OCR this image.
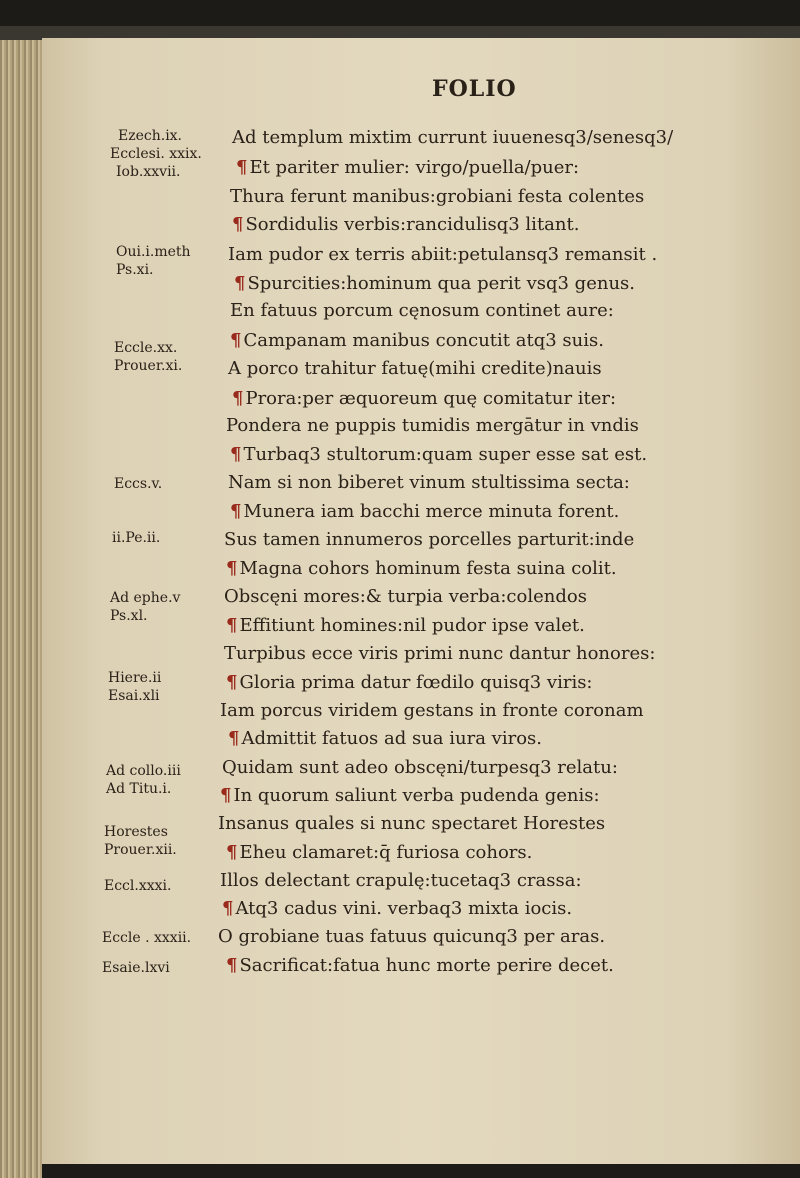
FOLIO
Ezech.ix.
Ecclesi. xxix.
Iob.xxvii.
Oui.i.meth
Ps.xi.
Eccle.xx.
Prouer.xi.
Eccs.v.
ii.Pe.ii.
Ad ephe.v
Ps.xl.
Hiere.ii
Esai.xli
Ad collo.iii
Ad Titu.i.
Horestes
Prouer.xii.
Eccl.xxxi.
Eccle . xxxii.
Esaie.lxvi
Ad templum mixtim currunt iuuenesq3/senesq3/
¶ Et pariter mulier: virgo/puella/puer:
Thura ferunt manibus:grobiani festa colentes
¶ Sordidulis verbis:rancidulisq3 litant.
Iam pudor ex terris abiit:petulansq3 remansit .
¶ Spurcities:hominum qua perit vsq3 genus.
En fatuus porcum cęnosum continet aure:
¶ Campanam manibus concutit atq3 suis.
A porco trahitur fatuę(mihi credite)nauis
¶ Prora:per æquoreum quę comitatur iter:
Pondera ne puppis tumidis mergātur in vndis
¶ Turbaq3 stultorum:quam super esse sat est.
Nam si non biberet vinum stultissima secta:
¶ Munera iam bacchi merce minuta forent.
Sus tamen innumeros porcelles parturit:inde
¶ Magna cohors hominum festa suina colit.
Obscęni mores:& turpia verba:colendos
¶ Effitiunt homines:nil pudor ipse valet.
Turpibus ecce viris primi nunc dantur honores:
¶ Gloria prima datur fœdilo quisq3 viris:
Iam porcus viridem gestans in fronte coronam
¶ Admittit fatuos ad sua iura viros.
Quidam sunt adeo obscęni/turpesq3 relatu:
¶ In quorum saliunt verba pudenda genis:
Insanus quales si nunc spectaret Horestes
¶ Eheu clamaret:q̄ furiosa cohors.
Illos delectant crapulę:tucetaq3 crassa:
¶ Atq3 cadus vini. verbaq3 mixta iocis.
O grobiane tuas fatuus quicunq3 per aras.
¶ Sacrificat:fatua hunc morte perire decet.
